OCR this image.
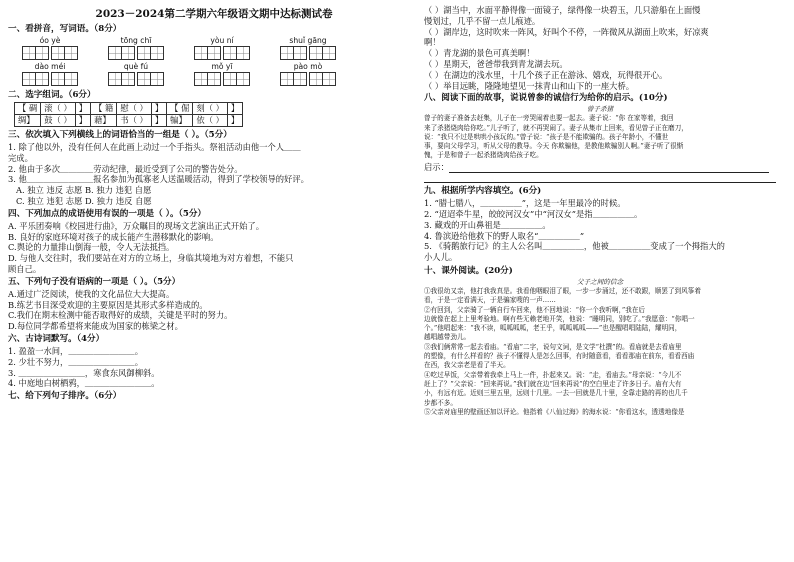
2023－2024第二学期六年级语文期中达标测试卷
一、看拼音，写词语。（8分）
óo yè	tōng chī	yòu ní	shuǐ gāng
dào méi	què fú	mǒ yī	pào mò
二、选字组词。（6分）
【 碉	滚（ ）	】	【 籍	慰（ ）	】	【 倔	刻（ ）	】
绸】	鼓（ ）	】	藉】	书（ ）	】	犏】	依（ ）	】
三、依次填入下列横线上的词语恰当的一组是（ ）。（5分）
1. 除了他以外，没有任何人在此画上动过一个手指头。祭祖活动由他一个人＿＿
完成。
2. 他由于多次＿＿＿＿劳动纪律，最近受到了公司的警告处分。
3. 他＿＿＿＿＿＿＿＿报名参加为孤寡老人送温暖活动，得到了学校领导的好评。
A. 独立 违反 志愿 B. 独力 违犯 自愿
C. 独立 违犯 志愿 D. 独力 违反 自愿
四、下列加点的成语使用有误的一项是（ ）。（5分）
A. 平乐团奏响《校园进行曲》，万众瞩目的现场文艺演出正式开始了。
B. 良好的家庭环境对孩子的成长能产生潜移默化的影响。
C.舆论的力量排山倒海一般，令人无法抵挡。
D. 与他人交往时，我们要站在对方的立场上，身临其境地为对方着想，不能只
顾自己。
五、下列句子没有语病的一项是（ ）。（5分）
A.通过广泛阅读，使我的文化品位大大提高。
B.练艺书目深受欢迎的主要原因是其形式多样造成的。
C.我们在期末检测中能否取得好的成绩，关键是平时的努力。
D.每位同学都希望将来能成为国家的栋梁之材。
六、古诗词默写。（4分）
1. 盈盈一水间，＿＿＿＿＿＿＿＿。
2. 少壮不努力，＿＿＿＿＿＿＿＿。
3. ＿＿＿＿＿＿＿＿，寒食东风御柳斜。
4. 中庭地白树栖鸦，＿＿＿＿＿＿＿＿。
七、给下列句子排序。（6分）
（ ）湖当中，水面平静得像一面镜子，绿得像一块碧玉，几只游船在上面慢
慢划过，几乎不留一点儿痕迹。
（ ）湖岸边，这时吹来一阵风，好叫个不停，一阵微风从湖面上吹来，好凉爽
啊！
（ ）青龙湖的景色可真美啊！
（ ）星期天，爸爸带我到青龙湖去玩。
（ ）在湖边的浅水里，十几个孩子正在游泳、嬉戏，玩得很开心。
（ ）举目远眺，隆隆地望见一抹青山和山下的一座大桥。
八、阅读下面的故事，说说曾参的诚信行为给你的启示。(10分)
曾子杀猪
曾子的妻子准备去赶集，儿子在一旁哭闹着也要一起去。妻子说：“你 在家等着，我回
来了杀猪烧肉给你吃。”儿子听了，就不再哭闹了。妻子从集市上回来，看见曾子正在磨刀，
说：“我只不过是哄哄小孩玩的。”曾子说：“孩子是不能欺骗的。孩子年龄小，不懂世
事，要向父母学习，听从父母的教导。今天 你欺骗他，是教他欺骗别人啊。”妻子听了很惭
愧，于是和曾子一起杀猪烧肉给孩子吃。
启示：
九、根据所学内容填空。(6分)
1. “腊七腊八，＿＿＿＿＿”，这是一年里最冷的时候。
2. “迢迢牵牛星，皎皎河汉女”中“河汉女”是指＿＿＿＿＿。
3. 藏戏的开山鼻祖是＿＿＿＿＿。
4. 鲁滨逊给他救下的野人取名“＿＿＿＿＿”
5. 《骑鹅旅行记》的主人公名叫＿＿＿＿＿，他被＿＿＿＿＿变成了一个拇指大的
小人儿。
十、课外阅读。(20分)
父子之间的信念
①我很幼又亲，他打我我真是。我看他咽眼泪了眼，一步一步涌过，还不敢跟，顺罢了到风筝着
看，于是一定看满天，于是骗家嗖的一声……
②有回到，父亲骑了一辆自行车回来，他不回地说：“你一个我听啊，”我在后
边就像在起上上里考验地。啊有些无赖老地开笑，他说：“睡明同，别吃了。”我愿意：“你唱一
个。”他唱起来：“我不读，呱呱呱呱，老王乎，呱呱呱呱——”也是醒唱唱陆陆，耀明同，
越唱越带劲儿。
③我们俩常常一起去看庙。“看庙”二字，说句文词，是文学“杜撰”的。看庙就是去看庙里
的塑像，有什么样看的？孩子不懂得人是怎么回事，有时随意看，看看那庙在前东，看看西庙
在西，我父亲老是看了半天。
④吃过早饭，父亲带着我牵上马上一件，扑起来又。说：“走，看庙去。”母亲说：“今儿不
赶上了？”父亲说：“回来再说。”我们就在边“回来再说”的空白里走了许多日子。庙有大有
小，有远有近。近则三里五里，远则十几里。一去一回就是几十里，全靠走路的再的也几千
步都不多。
⑤父亲对庙里的壁画还加以评论。他指着《八仙过海》的海水说：“你看这水，透透地像是
